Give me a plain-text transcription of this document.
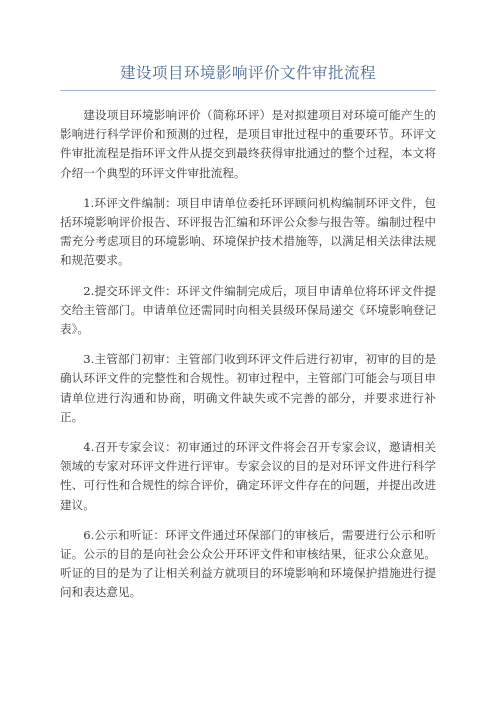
建设项目环境影响评价文件审批流程

建设项目环境影响评价（简称环评）是对拟建项目对环境可能产生的影响进行科学评价和预测的过程，是项目审批过程中的重要环节。环评文件审批流程是指环评文件从提交到最终获得审批通过的整个过程，本文将介绍一个典型的环评文件审批流程。

1.环评文件编制：项目申请单位委托环评顾问机构编制环评文件，包括环境影响评价报告、环评报告汇编和环评公众参与报告等。编制过程中需充分考虑项目的环境影响、环境保护技术措施等，以满足相关法律法规和规范要求。

2.提交环评文件：环评文件编制完成后，项目申请单位将环评文件提交给主管部门。申请单位还需同时向相关县级环保局递交《环境影响登记表》。

3.主管部门初审：主管部门收到环评文件后进行初审，初审的目的是确认环评文件的完整性和合规性。初审过程中，主管部门可能会与项目申请单位进行沟通和协商，明确文件缺失或不完善的部分，并要求进行补正。

4.召开专家会议：初审通过的环评文件将会召开专家会议，邀请相关领域的专家对环评文件进行评审。专家会议的目的是对环评文件进行科学性、可行性和合规性的综合评价，确定环评文件存在的问题，并提出改进建议。

6.公示和听证：环评文件通过环保部门的审核后，需要进行公示和听证。公示的目的是向社会公众公开环评文件和审核结果，征求公众意见。听证的目的是为了让相关利益方就项目的环境影响和环境保护措施进行提问和表达意见。
